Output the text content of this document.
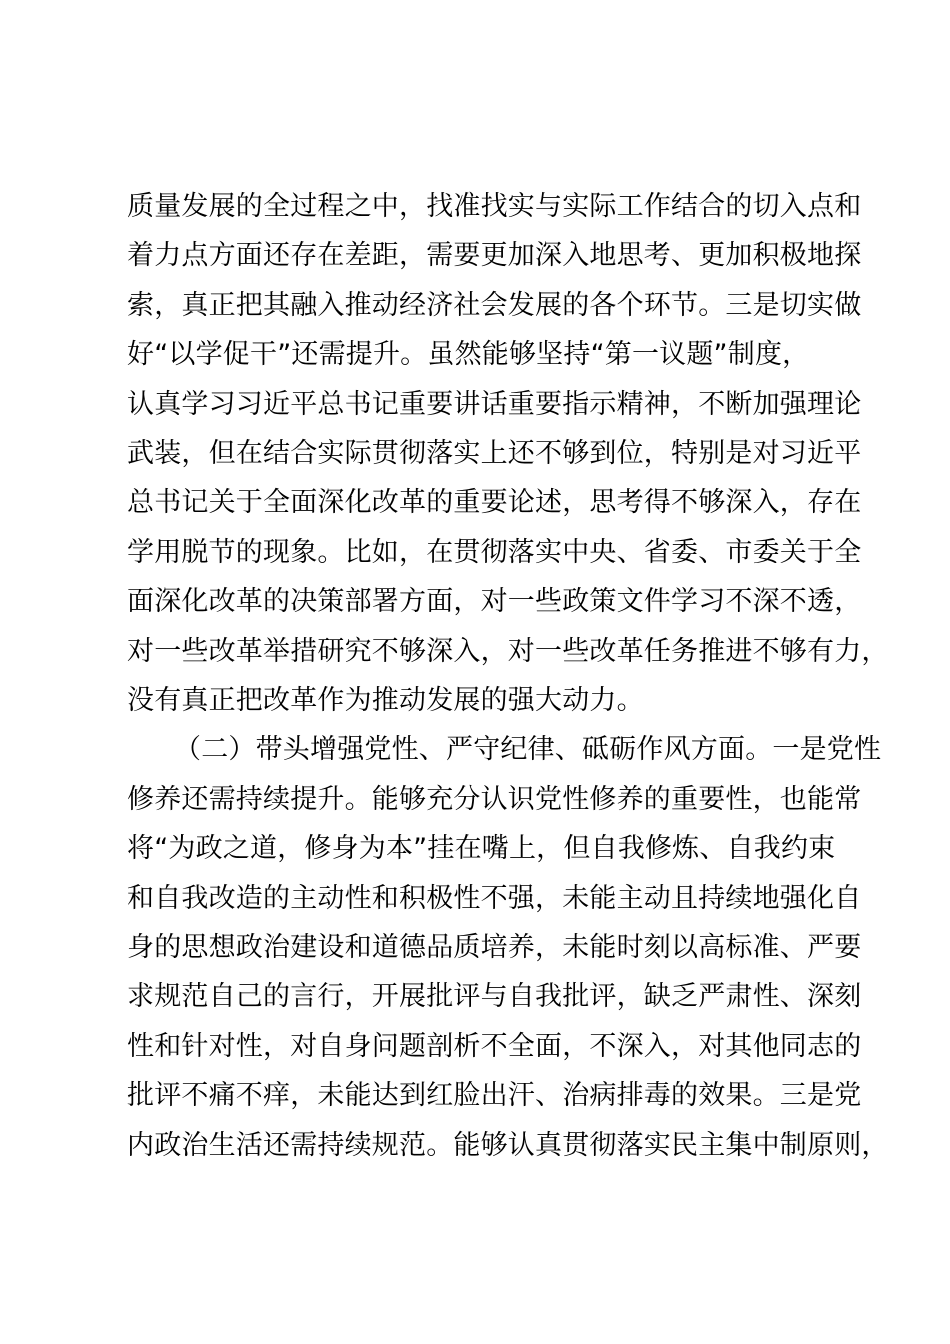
质量发展的全过程之中，找准找实与实际工作结合的切入点和
着力点方面还存在差距，需要更加深入地思考、更加积极地探
索，真正把其融入推动经济社会发展的各个环节。三是切实做
好“以学促干”还需提升。虽然能够坚持“第一议题”制度，
认真学习习近平总书记重要讲话重要指示精神，不断加强理论
武装，但在结合实际贯彻落实上还不够到位，特别是对习近平
总书记关于全面深化改革的重要论述，思考得不够深入，存在
学用脱节的现象。比如，在贯彻落实中央、省委、市委关于全
面深化改革的决策部署方面，对一些政策文件学习不深不透，
对一些改革举措研究不够深入，对一些改革任务推进不够有力，
没有真正把改革作为推动发展的强大动力。
（二）带头增强党性、严守纪律、砥砺作风方面。一是党性
修养还需持续提升。能够充分认识党性修养的重要性，也能常
将“为政之道，修身为本”挂在嘴上，但自我修炼、自我约束
和自我改造的主动性和积极性不强，未能主动且持续地强化自
身的思想政治建设和道德品质培养，未能时刻以高标准、严要
求规范自己的言行，开展批评与自我批评，缺乏严肃性、深刻
性和针对性，对自身问题剖析不全面，不深入，对其他同志的
批评不痛不痒，未能达到红脸出汗、治病排毒的效果。三是党
内政治生活还需持续规范。能够认真贯彻落实民主集中制原则，
